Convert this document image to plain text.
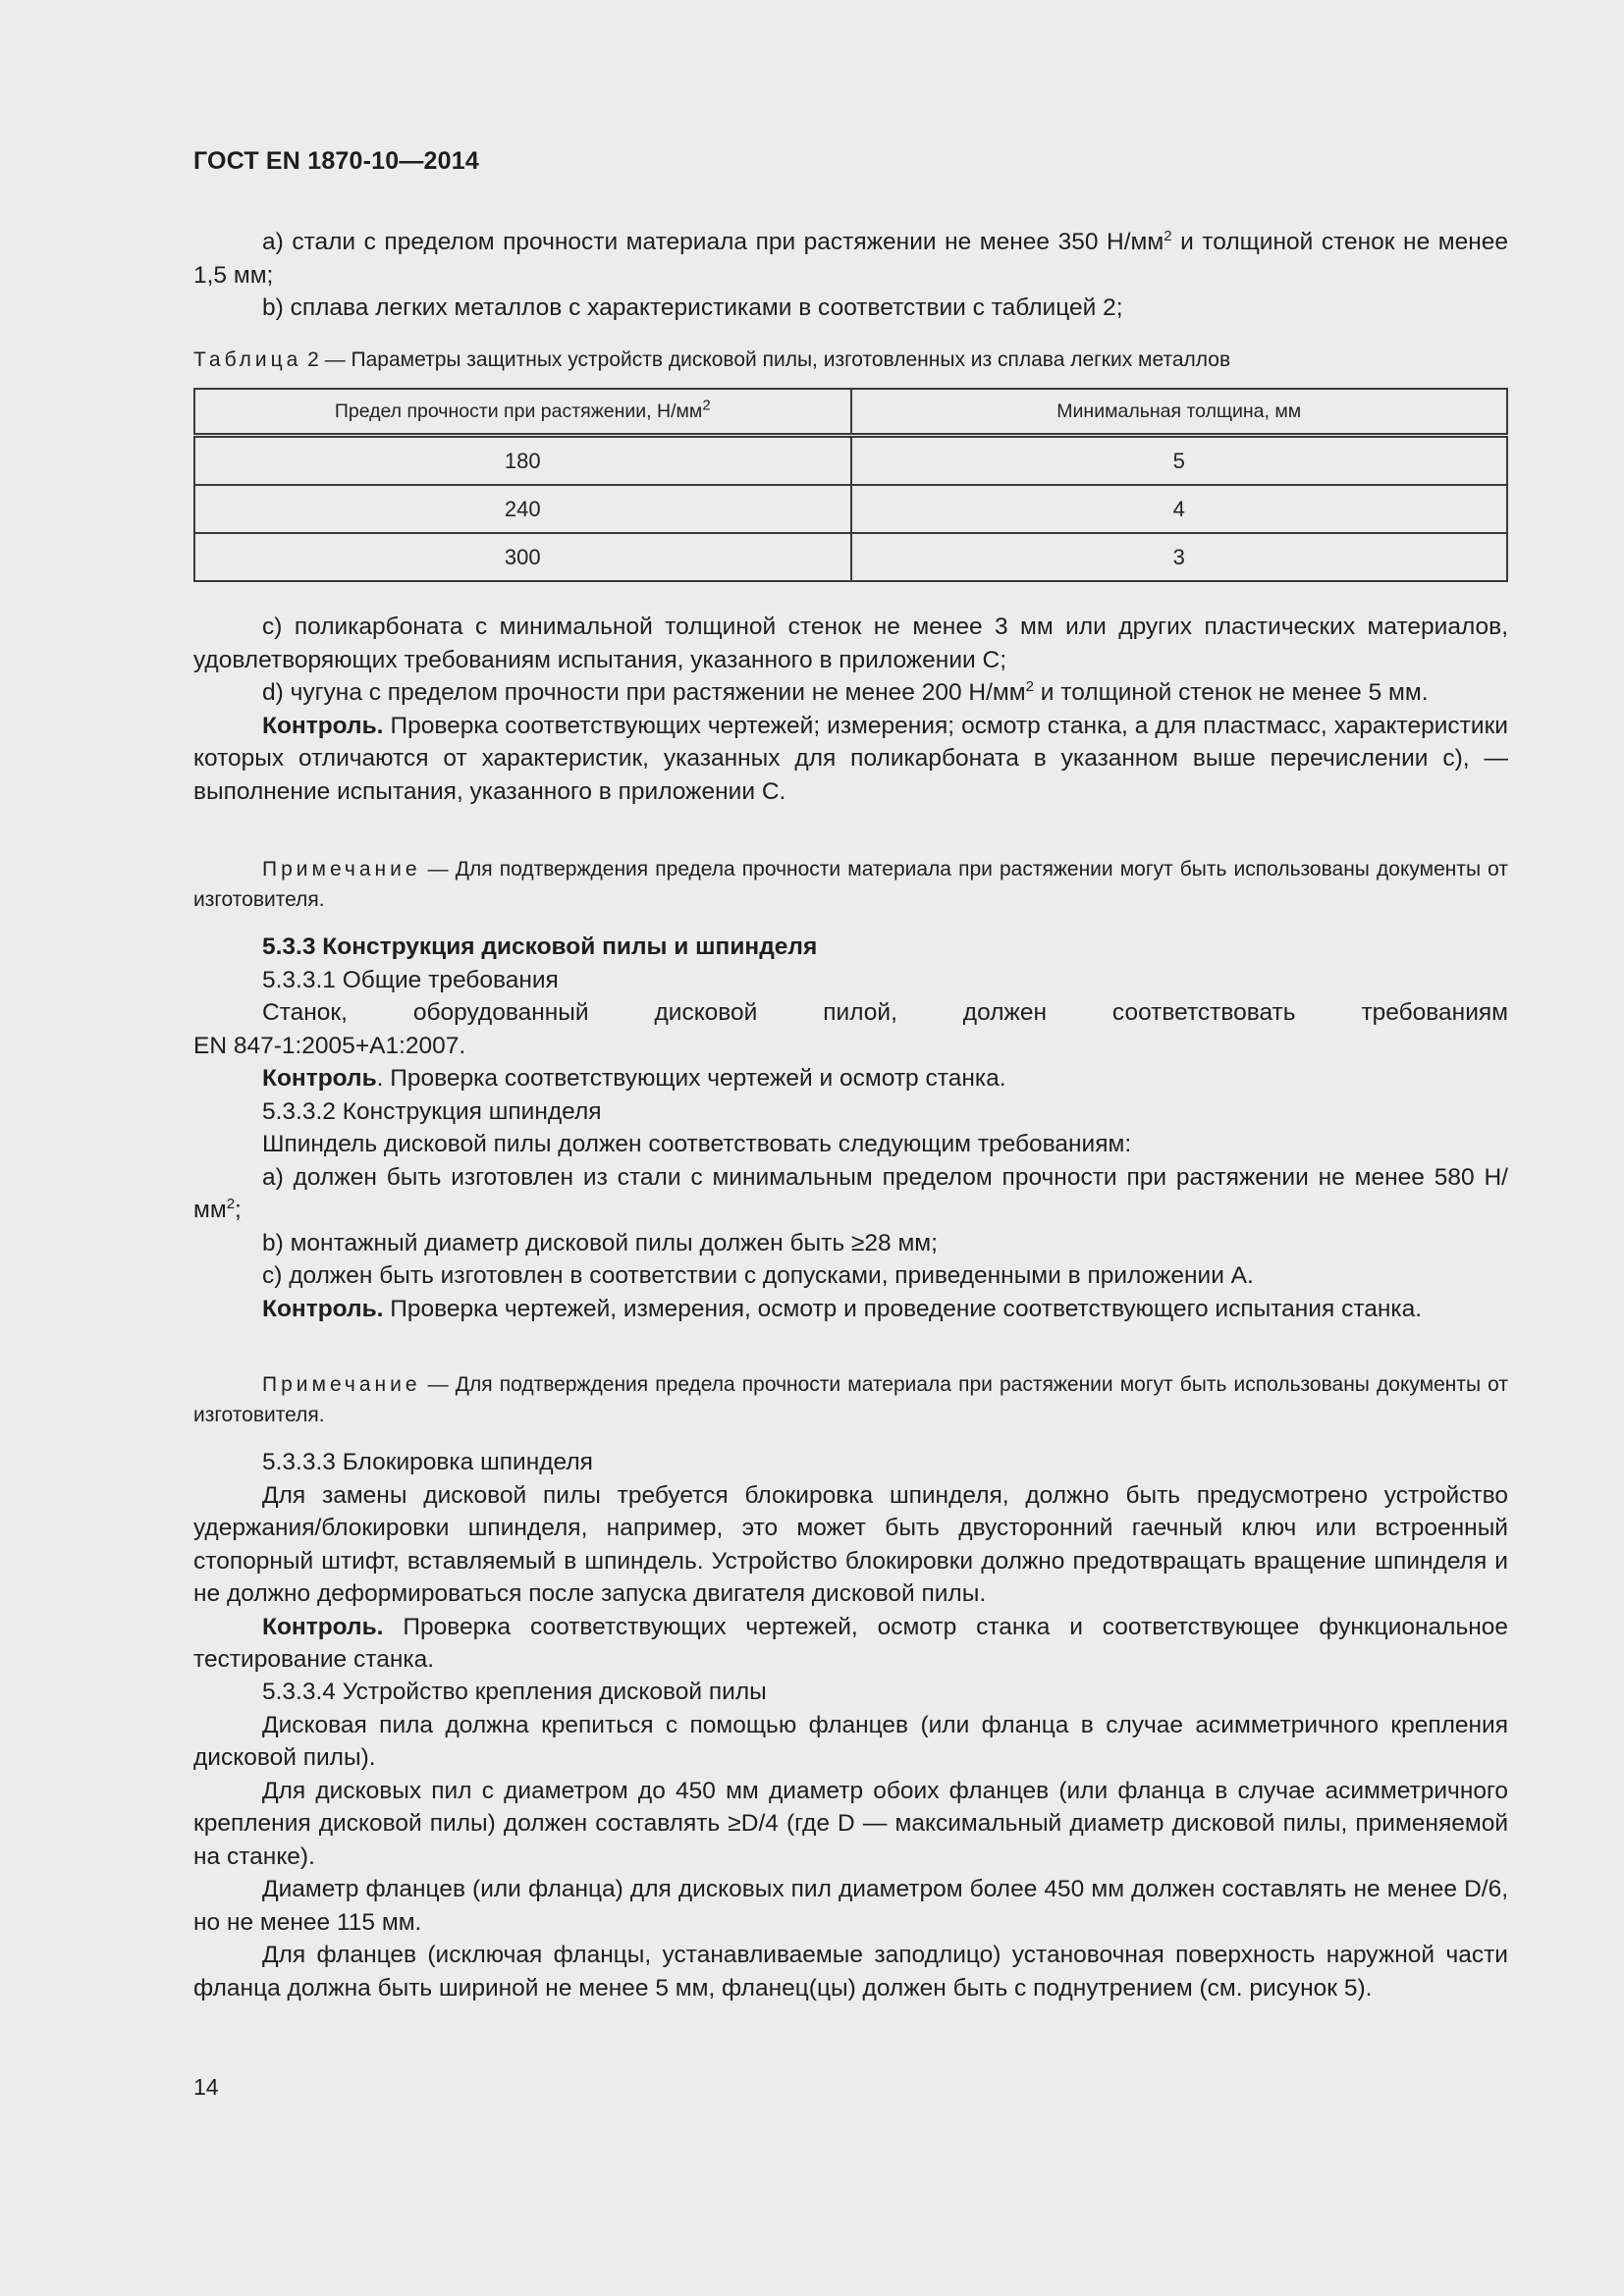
ГОСТ EN 1870-10—2014

а) стали с пределом прочности материала при растяжении не менее 350 $Н/мм^2$ и толщиной стенок не менее 1,5 мм;

b) сплава легких металлов с характеристиками в соответствии с таблицей 2;

Таблица 2 — Параметры защитных устройств дисковой пилы, изготовленных из сплава легких металлов
Предел прочности при растяжении, $Н/мм^2$	Минимальная толщина, мм
180	5
240	4
300	3

с) поликарбоната с минимальной толщиной стенок не менее 3 мм или других пластических материалов, удовлетворяющих требованиям испытания, указанного в приложении С;

d) чугуна с пределом прочности при растяжении не менее 200 $Н/мм^2$ и толщиной стенок не менее 5 мм.

Контроль. Проверка соответствующих чертежей; измерения; осмотр станка, а для пластмасс, характеристики которых отличаются от характеристик, указанных для поликарбоната в указанном выше перечислении с), — выполнение испытания, указанного в приложении С.

Примечание — Для подтверждения предела прочности материала при растяжении могут быть использованы документы от изготовителя.

5.3.3 Конструкция дисковой пилы и шпинделя

5.3.3.1 Общие требования

Станок, оборудованный дисковой пилой, должен соответствовать требованиям

EN 847-1:2005+A1:2007.

Контроль. Проверка соответствующих чертежей и осмотр станка.

5.3.3.2 Конструкция шпинделя

Шпиндель дисковой пилы должен соответствовать следующим требованиям:

а) должен быть изготовлен из стали с минимальным пределом прочности при растяжении не менее 580 $Н/мм^2$;

b) монтажный диаметр дисковой пилы должен быть ≥28 мм;

с) должен быть изготовлен в соответствии с допусками, приведенными в приложении А.

Контроль. Проверка чертежей, измерения, осмотр и проведение соответствующего испытания станка.

Примечание — Для подтверждения предела прочности материала при растяжении могут быть использованы документы от изготовителя.

5.3.3.3 Блокировка шпинделя

Для замены дисковой пилы требуется блокировка шпинделя, должно быть предусмотрено устройство удержания/блокировки шпинделя, например, это может быть двусторонний гаечный ключ или встроенный стопорный штифт, вставляемый в шпиндель. Устройство блокировки должно предотвращать вращение шпинделя и не должно деформироваться после запуска двигателя дисковой пилы.

Контроль. Проверка соответствующих чертежей, осмотр станка и соответствующее функциональное тестирование станка.

5.3.3.4 Устройство крепления дисковой пилы

Дисковая пила должна крепиться с помощью фланцев (или фланца в случае асимметричного крепления дисковой пилы).

Для дисковых пил с диаметром до 450 мм диаметр обоих фланцев (или фланца в случае асимметричного крепления дисковой пилы) должен составлять ≥D/4 (где D — максимальный диаметр дисковой пилы, применяемой на станке).

Диаметр фланцев (или фланца) для дисковых пил диаметром более 450 мм должен составлять не менее D/6, но не менее 115 мм.

Для фланцев (исключая фланцы, устанавливаемые заподлицо) установочная поверхность наружной части фланца должна быть шириной не менее 5 мм, фланец(цы) должен быть с поднутрением (см. рисунок 5).

14
